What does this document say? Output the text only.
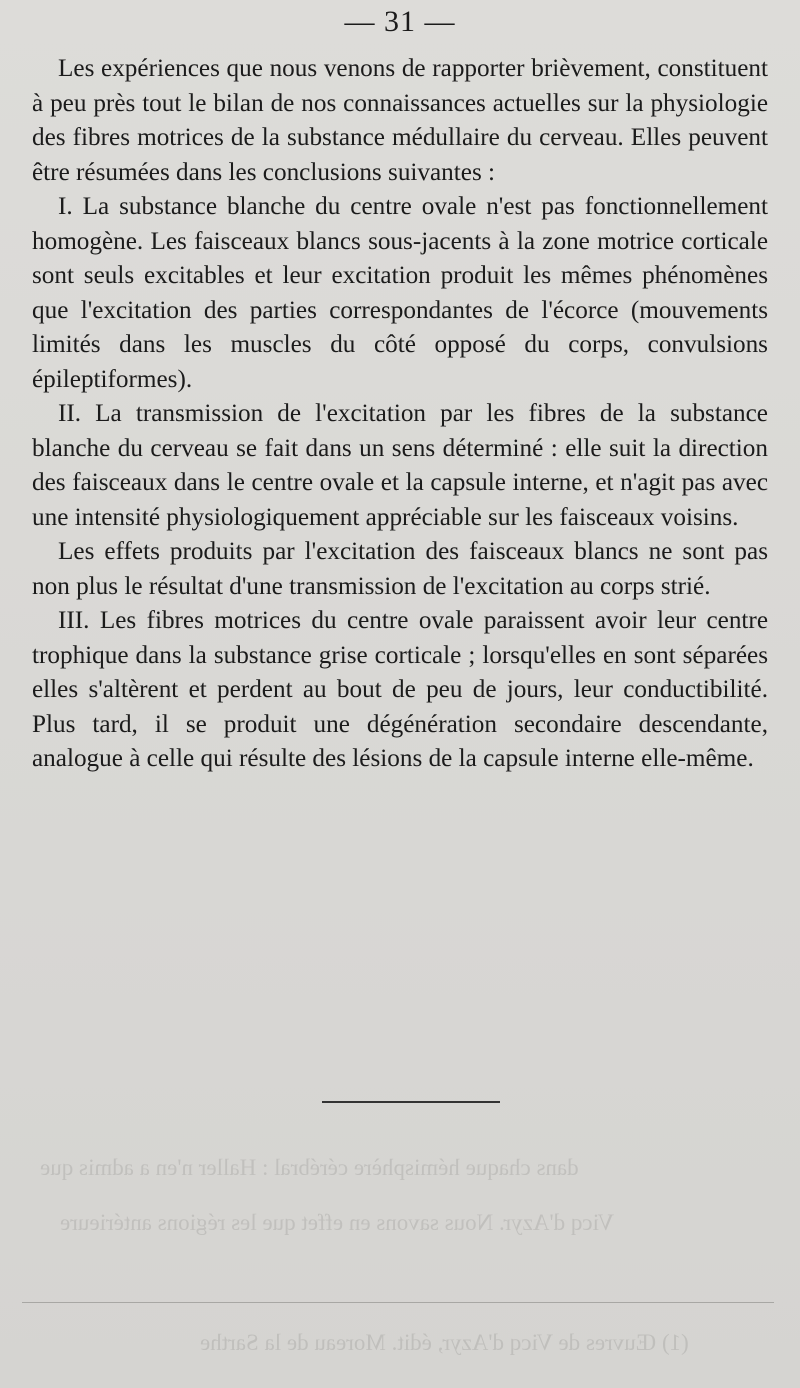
dans chaque hémisphère cérébral : Haller n'en a admis que
Vicq d'Azyr. Nous savons en effet que les régions antérieure
(1) Œuvres de Vicq d'Azyr, édit. Moreau de la Sarthe
— 31 —

Les expériences que nous venons de rapporter brièvement, constituent à peu près tout le bilan de nos connaissances actuelles sur la physiologie des fibres motrices de la substance médullaire du cerveau. Elles peuvent être résumées dans les conclusions suivantes :

I. La substance blanche du centre ovale n'est pas fonctionnellement homogène. Les faisceaux blancs sous-jacents à la zone motrice corticale sont seuls excitables et leur excitation produit les mêmes phénomènes que l'excitation des parties correspondantes de l'écorce (mouvements limités dans les muscles du côté opposé du corps, convulsions épileptiformes).

II. La transmission de l'excitation par les fibres de la substance blanche du cerveau se fait dans un sens déterminé : elle suit la direction des faisceaux dans le centre ovale et la capsule interne, et n'agit pas avec une intensité physiologiquement appréciable sur les faisceaux voisins.

Les effets produits par l'excitation des faisceaux blancs ne sont pas non plus le résultat d'une transmission de l'excitation au corps strié.

III. Les fibres motrices du centre ovale paraissent avoir leur centre trophique dans la substance grise corticale ; lorsqu'elles en sont séparées elles s'altèrent et perdent au bout de peu de jours, leur conductibilité. Plus tard, il se produit une dégénération secondaire descendante, analogue à celle qui résulte des lésions de la capsule interne elle-même.
